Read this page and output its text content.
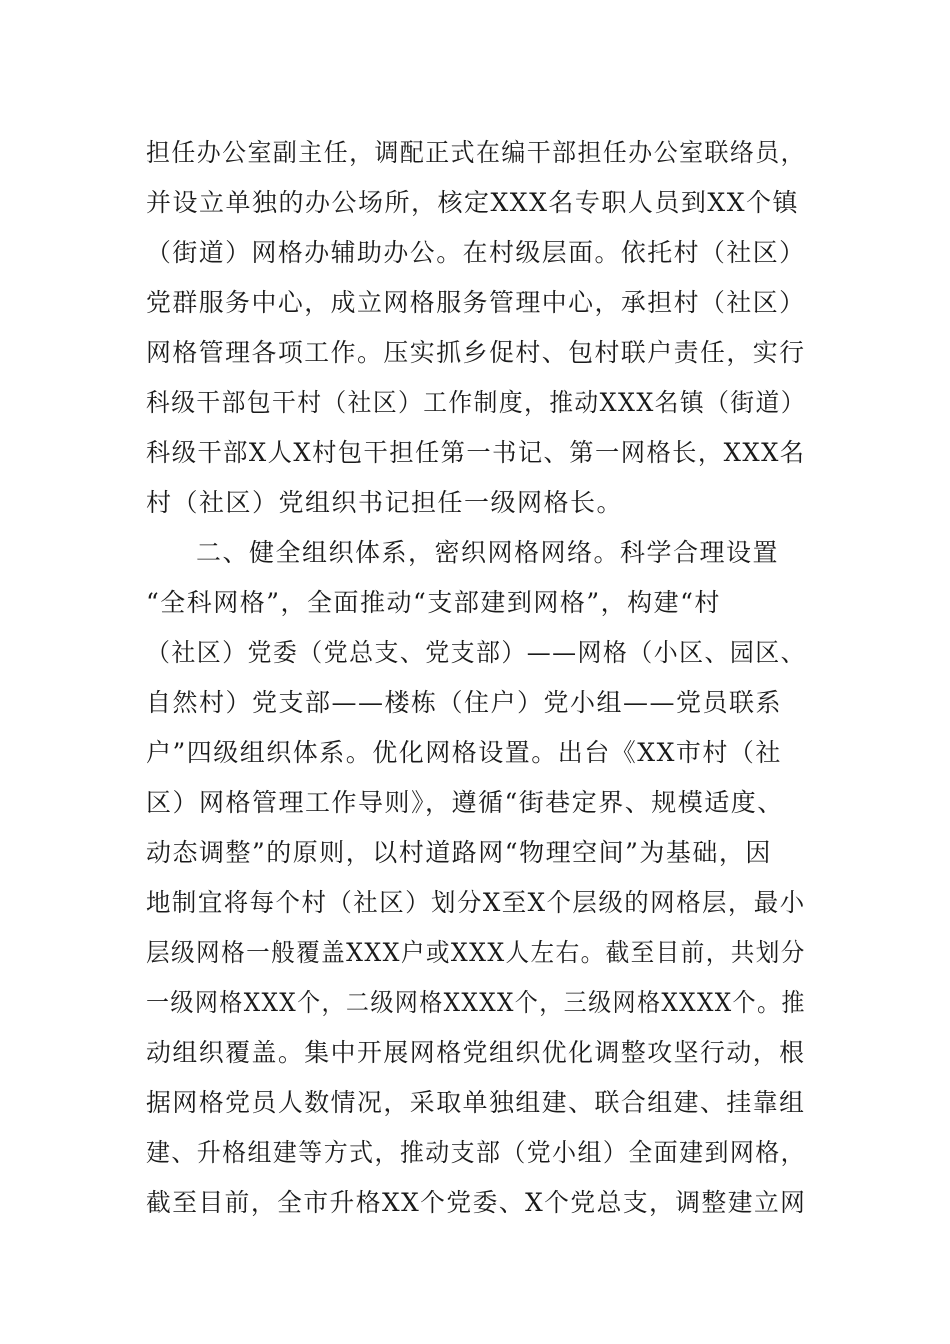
担任办公室副主任，调配正式在编干部担任办公室联络员，
并设立单独的办公场所，核定XXX名专职人员到XX个镇
（街道）网格办辅助办公。在村级层面。依托村（社区）
党群服务中心，成立网格服务管理中心，承担村（社区）
网格管理各项工作。压实抓乡促村、包村联户责任，实行
科级干部包干村（社区）工作制度，推动XXX名镇（街道）
科级干部X人X村包干担任第一书记、第一网格长，XXX名
村（社区）党组织书记担任一级网格长。
二、健全组织体系，密织网格网络。科学合理设置
“全科网格”，全面推动“支部建到网格”，构建“村
（社区）党委（党总支、党支部）——网格（小区、园区、
自然村）党支部——楼栋（住户）党小组——党员联系
户”四级组织体系。优化网格设置。出台《XX市村（社
区）网格管理工作导则》，遵循“街巷定界、规模适度、
动态调整”的原则，以村道路网“物理空间”为基础，因
地制宜将每个村（社区）划分X至X个层级的网格层，最小
层级网格一般覆盖XXX户或XXX人左右。截至目前，共划分
一级网格XXX个，二级网格XXXX个，三级网格XXXX个。推
动组织覆盖。集中开展网格党组织优化调整攻坚行动，根
据网格党员人数情况，采取单独组建、联合组建、挂靠组
建、升格组建等方式，推动支部（党小组）全面建到网格，
截至目前，全市升格XX个党委、X个党总支，调整建立网
